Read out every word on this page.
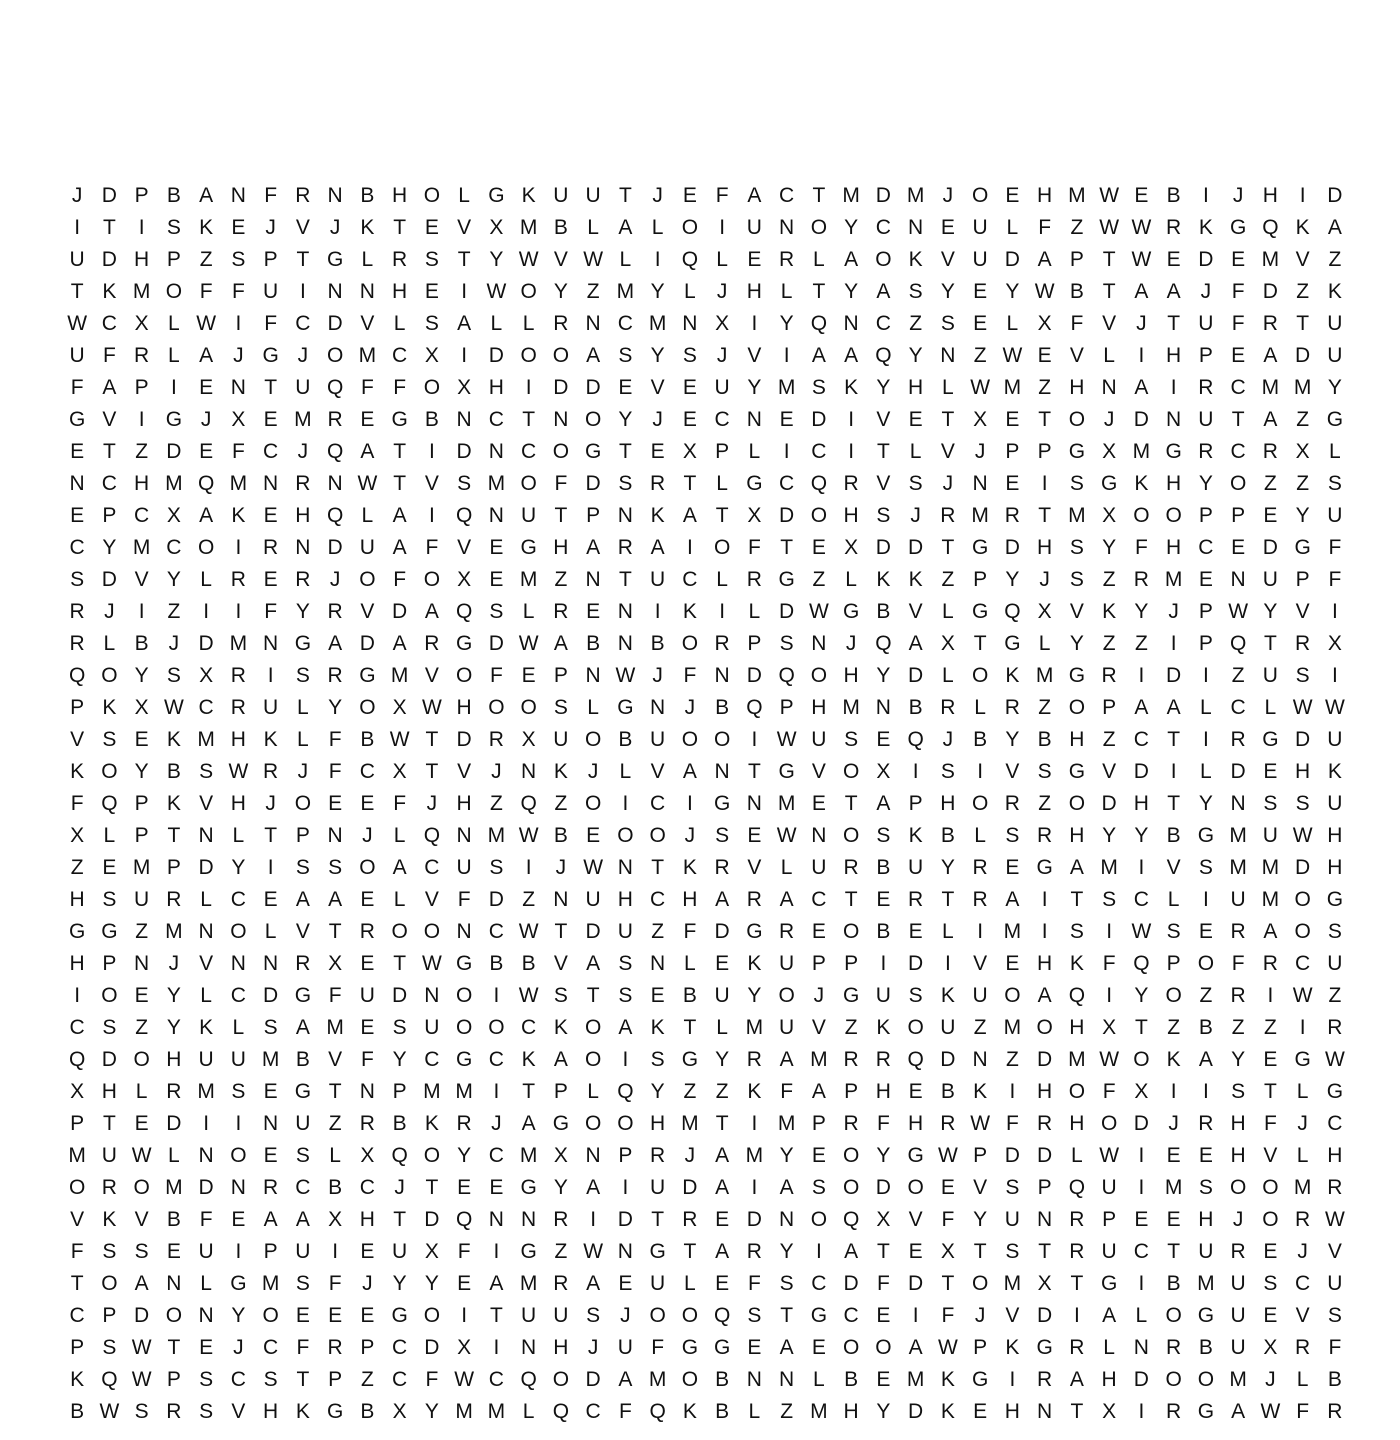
J D P B A N F R N B H O L G K U U T J E F A C T M D M J O E H M W E B	I	J H	I	D
I	T	I	S K E J V J K T E V X M B L A L O	I	U N O Y C N E U L F Z W W R K G Q K A
U D H P Z S P T G L R S T Y W V W L	I	Q L E R L A O K V U D A P T W E D E M V Z
T K M O F F U	I	N N H E	I W O Y Z M Y L	J H L T Y A S Y E Y W B T A A J F D Z K
W C X L W I	F C D V L S A L L R N C M N X	I	Y Q N C Z S E L X F V J T U F R T U
U F R L A J G J O M C X	I	D O O A S Y S J V	I	A A Q Y N Z W E V L	I	H P E A D U
F A P	I	E N T U Q F F O X H	I	D D E V E U Y M S K Y H L W M Z H N A	I	R C M M Y
G V	I	G J X E M R E G B N C T N O Y J E C N E D	I	V E T X E T O J D N U T A Z G
E T Z D E F C J Q A T	I	D N C O G T E X P L	I	C	I	T L V J P P G X M G R C R X L
N C H M Q M N R N W T V S M O F D S R T L G C Q R V S J N E	I	S G K H Y O Z Z S
E P C X A K E H Q L A	I	Q N U T P N K A T X D O H S J R M R T M X O O P P E Y U
C Y M C O	I	R N D U A F V E G H A R A	I	O F T E X D D T G D H S Y F H C E D G F
S D V Y L R E R J O F O X E M Z N T U C L R G Z L K K Z P Y J S Z R M E N U P F
R J	I	Z	I	I	F Y R V D A Q S L R E N	I	K	I	L D W G B V L G Q X V K Y J P W Y V	I
R L B J D M N G A D A R G D W A B N B O R P S N J Q A X T G L Y Z Z	I	P Q T R X
Q O Y S X R	I	S R G M V O F E P N W J F N D Q O H Y D L O K M G R	I	D	I	Z U S	I
P K X W C R U L Y O X W H O O S L G N J B Q P H M N B R L R Z O P A A L C L W W
V S E K M H K L F B W T D R X U O B U O O	I W U S E Q J B Y B H Z C T	I	R G D U
K O Y B S W R J F C X T V J N K J	L V A N T G V O X	I	S	I	V S G V D	I	L D E H K
F Q P K V H J O E E F J H Z Q Z O	I	C	I	G N M E T A P H O R Z O D H T Y N S S U
X L P T N L T P N J	L Q N M W B E O O J S E W N O S K B L S R H Y Y B G M U W H
Z E M P D Y	I	S S O A C U S	I	J W N T K R V L U R B U Y R E G A M I	V S M M D H
H S U R L C E A A E L V F D Z N U H C H A R A C T E R T R A	I	T S C L	I	U M O G
G G Z M N O L V T R O O N C W T D U Z F D G R E O B E L	I M I	S	I W S E R A O S
H P N J V N N R X E T W G B B V A S N L E K U P P	I	D	I	V E H K F Q P O F R C U
I	O E Y L C D G F U D N O	I W S T S E B U Y O J G U S K U O A Q	I	Y O Z R	I W Z
C S Z Y K L S A M E S U O O C K O A K T L M U V Z K O U Z M O H X T Z B Z Z	I	R
Q D O H U U M B V F Y C G C K A O	I	S G Y R A M R R Q D N Z D M W O K A Y E G W
X H L R M S E G T N P M M I	T P L Q Y Z Z K F A P H E B K	I	H O F X	I	I	S T L G
P T E D	I	I	N U Z R B K R J A G O O H M T	I M P R F H R W F R H O D J R H F J C
M U W L N O E S L X Q O Y C M X N P R J A M Y E O Y G W P D D L W I	E E H V L H
O R O M D N R C B C J T E E G Y A	I	U D A	I	A S O D O E V S P Q U	I M S O O M R
V K V B F E A A X H T D Q N N R	I	D T R E D N O Q X V F Y U N R P E E H J O R W
F S S E U	I	P U	I	E U X F	I	G Z W N G T A R Y	I	A T E X T S T R U C T U R E J V
T O A N L G M S F J Y Y E A M R A E U L E F S C D F D T O M X T G	I	B M U S C U
C P D O N Y O E E E G O	I	T U U S J O O Q S T G C E	I	F J V D	I	A L O G U E V S
P S W T E J C F R P C D X	I	N H J U F G G E A E O O A W P K G R L N R B U X R F
K Q W P S C S T P Z C F W C Q O D A M O B N N L B E M K G	I	R A H D O O M J	L B
B W S R S V H K G B X Y M M L Q C F Q K B L Z M H Y D K E H N T X	I	R G A W F R
